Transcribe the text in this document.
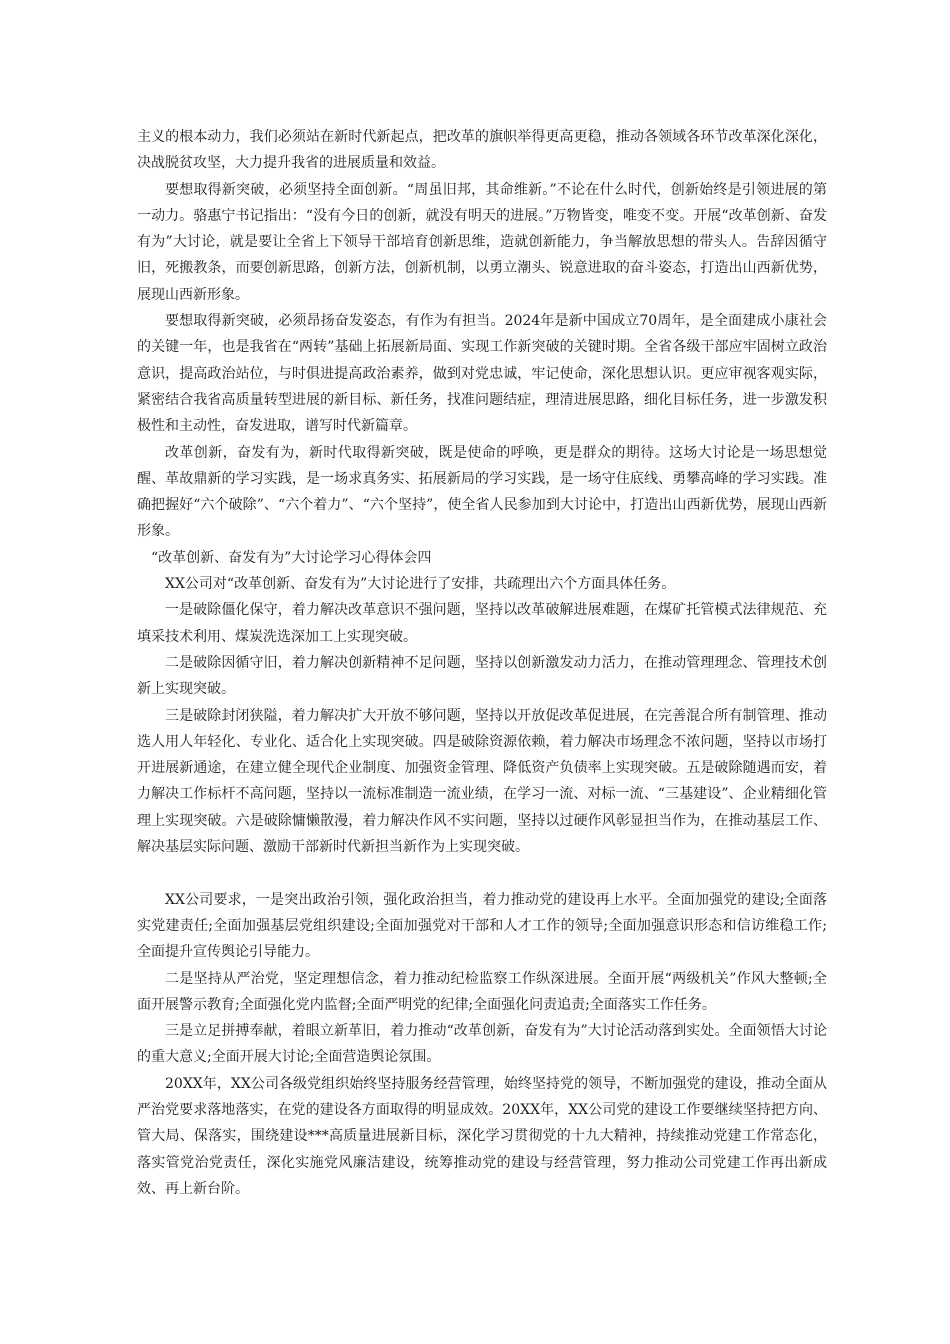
主义的根本动力，我们必须站在新时代新起点，把改革的旗帜举得更高更稳，推动各领域各环节改革深化深化，决战脱贫攻坚，大力提升我省的进展质量和效益。

要想取得新突破，必须坚持全面创新。“周虽旧邦，其命维新。”不论在什么时代，创新始终是引领进展的第一动力。骆惠宁书记指出：“没有今日的创新，就没有明天的进展。”万物皆变，唯变不变。开展“改革创新、奋发有为”大讨论，就是要让全省上下领导干部培育创新思维，造就创新能力，争当解放思想的带头人。告辞因循守旧，死搬教条，而要创新思路，创新方法，创新机制，以勇立潮头、锐意进取的奋斗姿态，打造出山西新优势，展现山西新形象。

要想取得新突破，必须昂扬奋发姿态，有作为有担当。2024年是新中国成立70周年，是全面建成小康社会的关键一年，也是我省在“两转”基础上拓展新局面、实现工作新突破的关键时期。全省各级干部应牢固树立政治意识，提高政治站位，与时俱进提高政治素养，做到对党忠诚，牢记使命，深化思想认识。更应审视客观实际，紧密结合我省高质量转型进展的新目标、新任务，找准问题结症，理清进展思路，细化目标任务，进一步激发积极性和主动性，奋发进取，谱写时代新篇章。

改革创新，奋发有为，新时代取得新突破，既是使命的呼唤，更是群众的期待。这场大讨论是一场思想觉醒、革故鼎新的学习实践，是一场求真务实、拓展新局的学习实践，是一场守住底线、勇攀高峰的学习实践。准确把握好“六个破除”、“六个着力”、“六个坚持”，使全省人民参加到大讨论中，打造出山西新优势，展现山西新形象。

“改革创新、奋发有为”大讨论学习心得体会四

XX公司对“改革创新、奋发有为”大讨论进行了安排，共疏理出六个方面具体任务。

一是破除僵化保守，着力解决改革意识不强问题，坚持以改革破解进展难题，在煤矿托管模式法律规范、充填采技术利用、煤炭洗选深加工上实现突破。

二是破除因循守旧，着力解决创新精神不足问题，坚持以创新激发动力活力，在推动管理理念、管理技术创新上实现突破。

三是破除封闭狭隘，着力解决扩大开放不够问题，坚持以开放促改革促进展，在完善混合所有制管理、推动选人用人年轻化、专业化、适合化上实现突破。四是破除资源依赖，着力解决市场理念不浓问题，坚持以市场打开进展新通途，在建立健全现代企业制度、加强资金管理、降低资产负债率上实现突破。五是破除随遇而安，着力解决工作标杆不高问题，坚持以一流标准制造一流业绩，在学习一流、对标一流、“三基建设”、企业精细化管理上实现突破。六是破除慵懒散漫，着力解决作风不实问题，坚持以过硬作风彰显担当作为，在推动基层工作、解决基层实际问题、激励干部新时代新担当新作为上实现突破。

XX公司要求，一是突出政治引领，强化政治担当，着力推动党的建设再上水平。全面加强党的建设;全面落实党建责任;全面加强基层党组织建设;全面加强党对干部和人才工作的领导;全面加强意识形态和信访维稳工作;全面提升宣传舆论引导能力。

二是坚持从严治党，坚定理想信念，着力推动纪检监察工作纵深进展。全面开展“两级机关”作风大整顿;全面开展警示教育;全面强化党内监督;全面严明党的纪律;全面强化问责追责;全面落实工作任务。

三是立足拼搏奉献，着眼立新革旧，着力推动“改革创新，奋发有为”大讨论活动落到实处。全面领悟大讨论的重大意义;全面开展大讨论;全面营造舆论氛围。

20XX年，XX公司各级党组织始终坚持服务经营管理，始终坚持党的领导，不断加强党的建设，推动全面从严治党要求落地落实，在党的建设各方面取得的明显成效。20XX年，XX公司党的建设工作要继续坚持把方向、管大局、保落实，围绕建设***高质量进展新目标，深化学习贯彻党的十九大精神，持续推动党建工作常态化，落实管党治党责任，深化实施党风廉洁建设，统筹推动党的建设与经营管理，努力推动公司党建工作再出新成效、再上新台阶。
